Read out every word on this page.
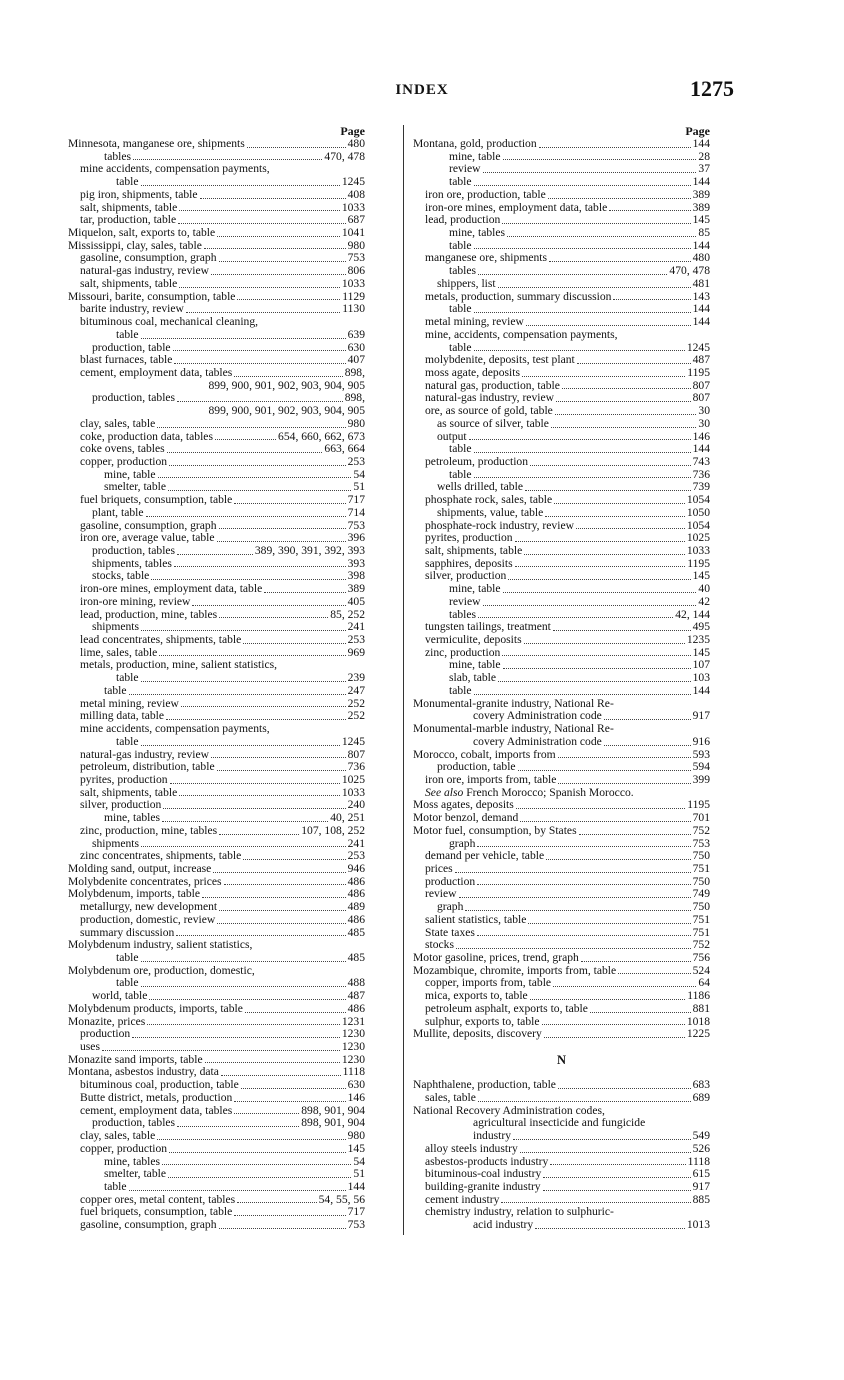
INDEX	1275
Page
Minnesota, manganese ore, shipments	480
tables	470, 478
mine accidents, compensation payments,
table	1245
pig iron, shipments, table	408
salt, shipments, table	1033
tar, production, table	687
Miquelon, salt, exports to, table	1041
Mississippi, clay, sales, table	980
gasoline, consumption, graph	753
natural-gas industry, review	806
salt, shipments, table	1033
Missouri, barite, consumption, table	1129
barite industry, review	1130
bituminous coal, mechanical cleaning,
table	639
production, table	630
blast furnaces, table	407
cement, employment data, tables	898,
899, 900, 901, 902, 903, 904, 905
production, tables	898,
899, 900, 901, 902, 903, 904, 905
clay, sales, table	980
coke, production data, tables	654, 660, 662, 673
coke ovens, tables	663, 664
copper, production	253
mine, table	54
smelter, table	51
fuel briquets, consumption, table	717
plant, table	714
gasoline, consumption, graph	753
iron ore, average value, table	396
production, tables	389, 390, 391, 392, 393
shipments, tables	393
stocks, table	398
iron-ore mines, employment data, table	389
iron-ore mining, review	405
lead, production, mine, tables	85, 252
shipments	241
lead concentrates, shipments, table	253
lime, sales, table	969
metals, production, mine, salient statistics,
table	239
table	247
metal mining, review	252
milling data, table	252
mine accidents, compensation payments,
table	1245
natural-gas industry, review	807
petroleum, distribution, table	736
pyrites, production	1025
salt, shipments, table	1033
silver, production	240
mine, tables	40, 251
zinc, production, mine, tables	107, 108, 252
shipments	241
zinc concentrates, shipments, table	253
Molding sand, output, increase	946
Molybdenite concentrates, prices	486
Molybdenum, imports, table	486
metallurgy, new development	489
production, domestic, review	486
summary discussion	485
Molybdenum industry, salient statistics,
table	485
Molybdenum ore, production, domestic,
table	488
world, table	487
Molybdenum products, imports, table	486
Monazite, prices	1231
production	1230
uses	1230
Monazite sand imports, table	1230
Montana, asbestos industry, data	1118
bituminous coal, production, table	630
Butte district, metals, production	146
cement, employment data, tables	898, 901, 904
production, tables	898, 901, 904
clay, sales, table	980
copper, production	145
mine, tables	54
smelter, table	51
table	144
copper ores, metal content, tables	54, 55, 56
fuel briquets, consumption, table	717
gasoline, consumption, graph	753
Page
Montana, gold, production	144
mine, table	28
review	37
table	144
iron ore, production, table	389
iron-ore mines, employment data, table	389
lead, production	145
mine, tables	85
table	144
manganese ore, shipments	480
tables	470, 478
shippers, list	481
metals, production, summary discussion	143
table	144
metal mining, review	144
mine, accidents, compensation payments,
table	1245
molybdenite, deposits, test plant	487
moss agate, deposits	1195
natural gas, production, table	807
natural-gas industry, review	807
ore, as source of gold, table	30
as source of silver, table	30
output	146
table	144
petroleum, production	743
table	736
wells drilled, table	739
phosphate rock, sales, table	1054
shipments, value, table	1050
phosphate-rock industry, review	1054
pyrites, production	1025
salt, shipments, table	1033
sapphires, deposits	1195
silver, production	145
mine, table	40
review	42
tables	42, 144
tungsten tailings, treatment	495
vermiculite, deposits	1235
zinc, production	145
mine, table	107
slab, table	103
table	144
Monumental-granite industry, National Re-
covery Administration code	917
Monumental-marble industry, National Re-
covery Administration code	916
Morocco, cobalt, imports from	593
production, table	594
iron ore, imports from, table	399
See also French Morocco; Spanish Morocco.
Moss agates, deposits	1195
Motor benzol, demand	701
Motor fuel, consumption, by States	752
graph	753
demand per vehicle, table	750
prices	751
production	750
review	749
graph	750
salient statistics, table	751
State taxes	751
stocks	752
Motor gasoline, prices, trend, graph	756
Mozambique, chromite, imports from, table	524
copper, imports from, table	64
mica, exports to, table	1186
petroleum asphalt, exports to, table	881
sulphur, exports to, table	1018
Mullite, deposits, discovery	1225
N
Naphthalene, production, table	683
sales, table	689
National Recovery Administration codes,
agricultural insecticide and fungicide
industry	549
alloy steels industry	526
asbestos-products industry	1118
bituminous-coal industry	615
building-granite industry	917
cement industry	885
chemistry industry, relation to sulphuric-
acid industry	1013
